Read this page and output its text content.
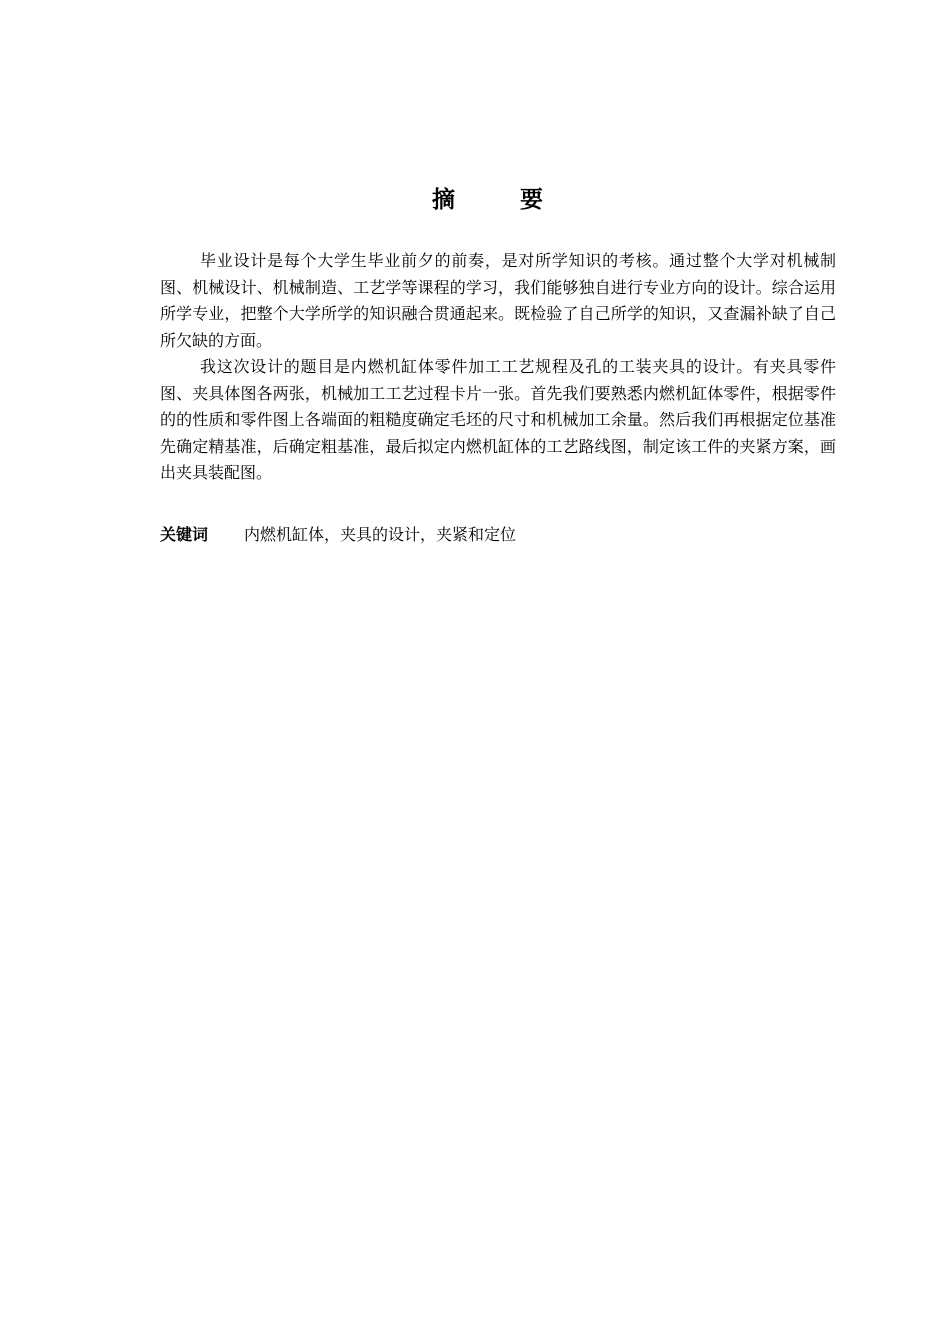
摘　要

毕业设计是每个大学生毕业前夕的前奏，是对所学知识的考核。通过整个大学对机械制图、机械设计、机械制造、工艺学等课程的学习，我们能够独自进行专业方向的设计。综合运用所学专业，把整个大学所学的知识融合贯通起来。既检验了自己所学的知识，又查漏补缺了自己所欠缺的方面。

我这次设计的题目是内燃机缸体零件加工工艺规程及孔的工装夹具的设计。有夹具零件图、夹具体图各两张，机械加工工艺过程卡片一张。首先我们要熟悉内燃机缸体零件，根据零件的的性质和零件图上各端面的粗糙度确定毛坯的尺寸和机械加工余量。然后我们再根据定位基准先确定精基准，后确定粗基准，最后拟定内燃机缸体的工艺路线图，制定该工件的夹紧方案，画出夹具装配图。

关键词 内燃机缸体，夹具的设计，夹紧和定位
